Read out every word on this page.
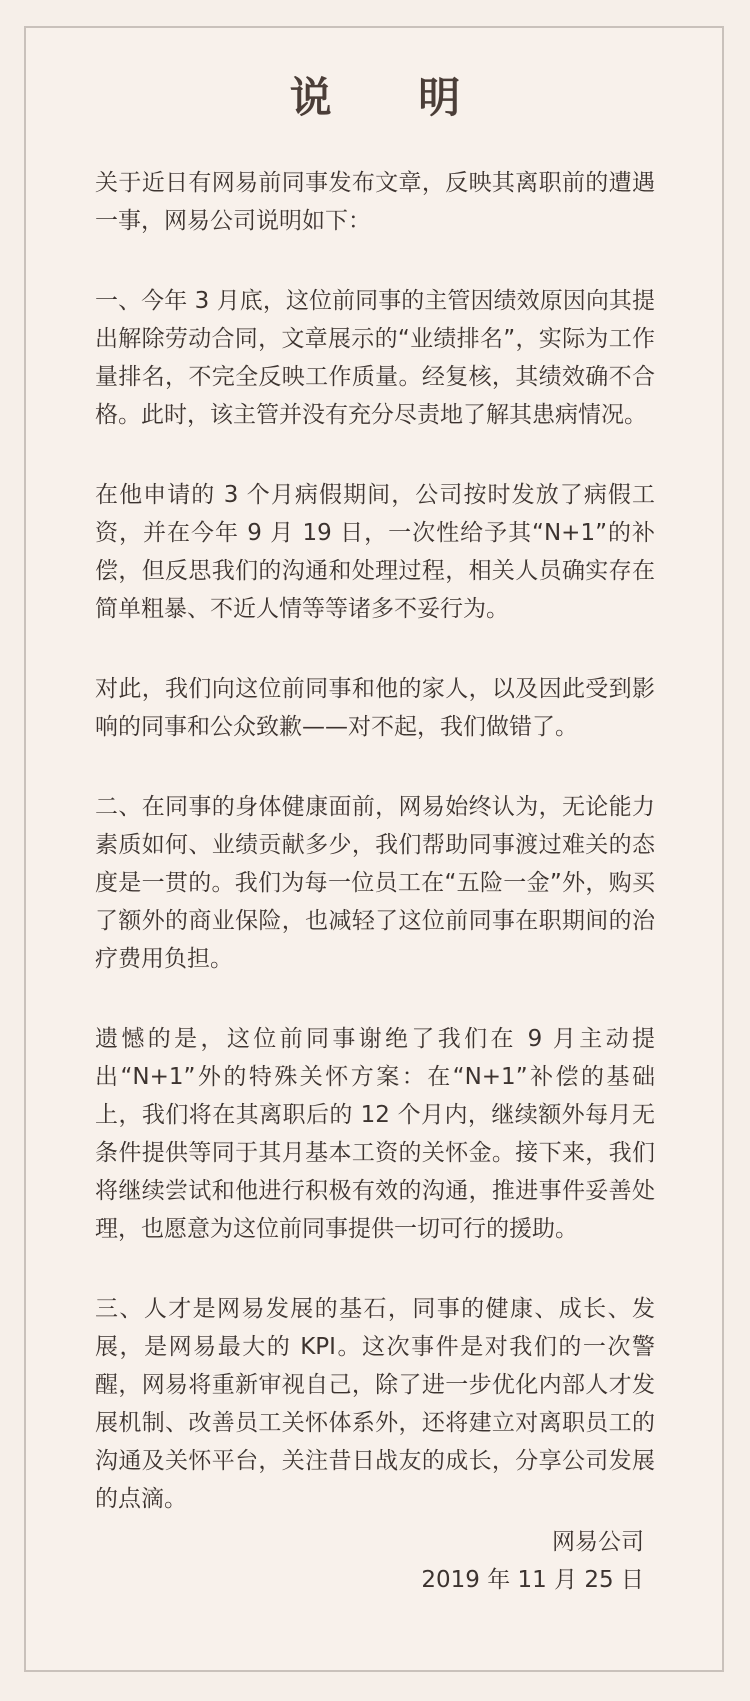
说 明

关于近日有网易前同事发布文章，反映其离职前的遭遇一事，网易公司说明如下：

一、今年 3 月底，这位前同事的主管因绩效原因向其提出解除劳动合同，文章展示的“业绩排名”，实际为工作量排名，不完全反映工作质量。经复核，其绩效确不合格。此时，该主管并没有充分尽责地了解其患病情况。

在他申请的 3 个月病假期间，公司按时发放了病假工资，并在今年 9 月 19 日，一次性给予其“N+1”的补偿，但反思我们的沟通和处理过程，相关人员确实存在简单粗暴、不近人情等等诸多不妥行为。

对此，我们向这位前同事和他的家人，以及因此受到影响的同事和公众致歉——对不起，我们做错了。

二、在同事的身体健康面前，网易始终认为，无论能力素质如何、业绩贡献多少，我们帮助同事渡过难关的态度是一贯的。我们为每一位员工在“五险一金”外，购买了额外的商业保险，也减轻了这位前同事在职期间的治疗费用负担。

遗憾的是，这位前同事谢绝了我们在 9 月主动提出“N+1”外的特殊关怀方案：在“N+1”补偿的基础上，我们将在其离职后的 12 个月内，继续额外每月无条件提供等同于其月基本工资的关怀金。接下来，我们将继续尝试和他进行积极有效的沟通，推进事件妥善处理，也愿意为这位前同事提供一切可行的援助。

三、人才是网易发展的基石，同事的健康、成长、发展，是网易最大的 KPI。这次事件是对我们的一次警醒，网易将重新审视自己，除了进一步优化内部人才发展机制、改善员工关怀体系外，还将建立对离职员工的沟通及关怀平台，关注昔日战友的成长，分享公司发展的点滴。

网易公司

2019 年 11 月 25 日
